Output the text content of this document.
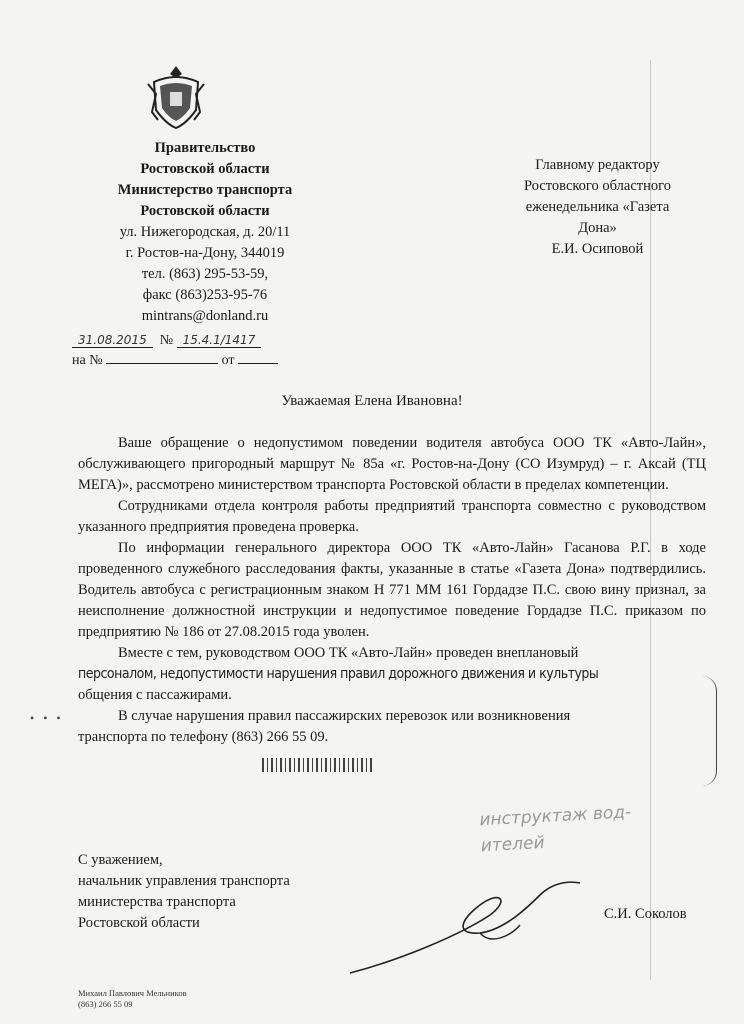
Правительство
Ростовской области
Министерство транспорта
Ростовской области
ул. Нижегородская, д. 20/11
г. Ростов-на-Дону, 344019
тел. (863) 295-53-59,
факс (863)253-95-76
mintrans@donland.ru
Главному редактору
Ростовского областного
еженедельника «Газета
Дона»
Е.И. Осиповой
31.08.2015 № 15.4.1/1417
на №	от
Уважаемая Елена Ивановна!

Ваше обращение о недопустимом поведении водителя автобуса ООО ТК «Авто-Лайн», обслуживающего пригородный маршрут № 85а «г. Ростов-на-Дону (СО Изумруд) – г. Аксай (ТЦ МЕГА)», рассмотрено министерством транспорта Ростовской области в пределах компетенции.

Сотрудниками отдела контроля работы предприятий транспорта совместно с руководством указанного предприятия проведена проверка.

По информации генерального директора ООО ТК «Авто-Лайн» Гасанова Р.Г. в ходе проведенного служебного расследования факты, указанные в статье «Газета Дона» подтвердились. Водитель автобуса с регистрационным знаком Н 771 ММ 161 Гордадзе П.С. свою вину признал, за неисполнение должностной инструкции и недопустимое поведение Гордадзе П.С. приказом по предприятию № 186 от 27.08.2015 года уволен.

Вместе с тем, руководством ООО ТК «Авто-Лайн» проведен внеплановый

персоналом, недопустимости нарушения правил дорожного движения и культуры

общения с пассажирами.

В случае нарушения правил пассажирских перевозок или возникновения

транспорта по телефону (863) 266 55 09.

• • •
инструктаж вод-
ителей
С уважением,
начальник управления транспорта
министерства транспорта
Ростовской области
С.И. Соколов
Михаил Павлович Мельников
(863) 266 55 09
